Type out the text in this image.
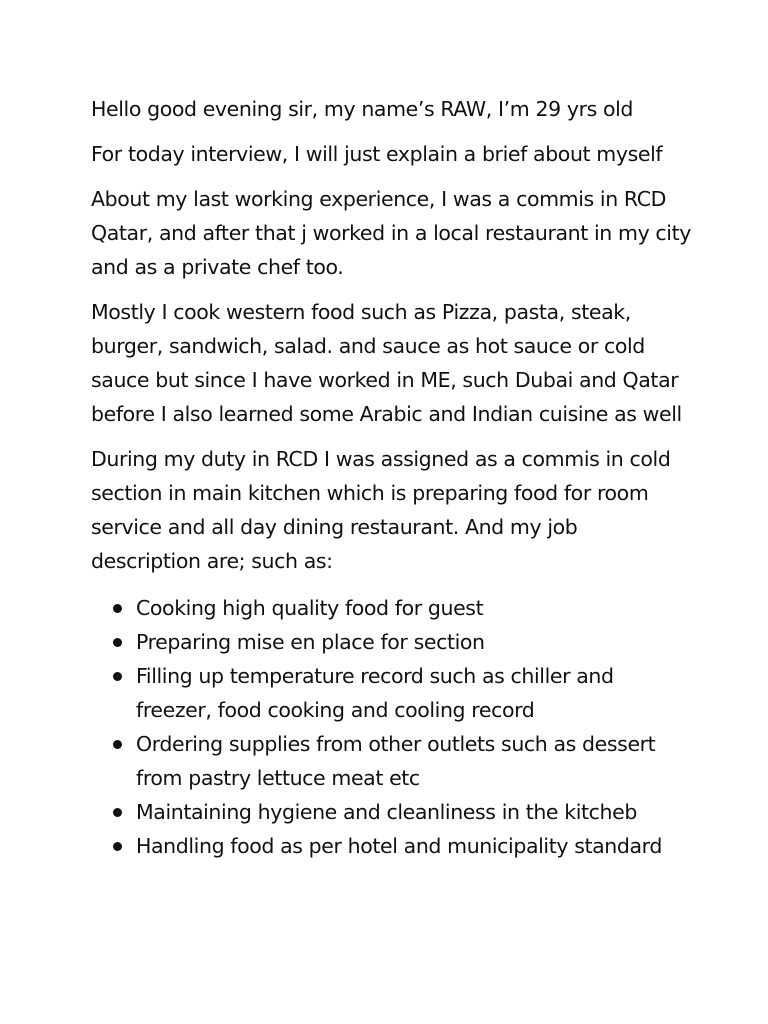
Hello good evening sir, my name’s RAW, I’m 29 yrs old

For today interview, I will just explain a brief about myself

About my last working experience, I was a commis in RCD Qatar, and after that j worked in a local restaurant in my city and as a private chef too.

Mostly I cook western food such as Pizza, pasta, steak, burger, sandwich, salad. and sauce as hot sauce or cold sauce but since I have worked in ME, such Dubai and Qatar before I also learned some Arabic and Indian cuisine as well

During my duty in RCD I was assigned as a commis in cold section in main kitchen which is preparing food for room service and all day dining restaurant. And my job description are; such as:

Cooking high quality food for guest
Preparing mise en place for section
Filling up temperature record such as chiller and freezer, food cooking and cooling record
Ordering supplies from other outlets such as dessert from pastry lettuce meat etc
Maintaining hygiene and cleanliness in the kitcheb
Handling food as per hotel and municipality standard
